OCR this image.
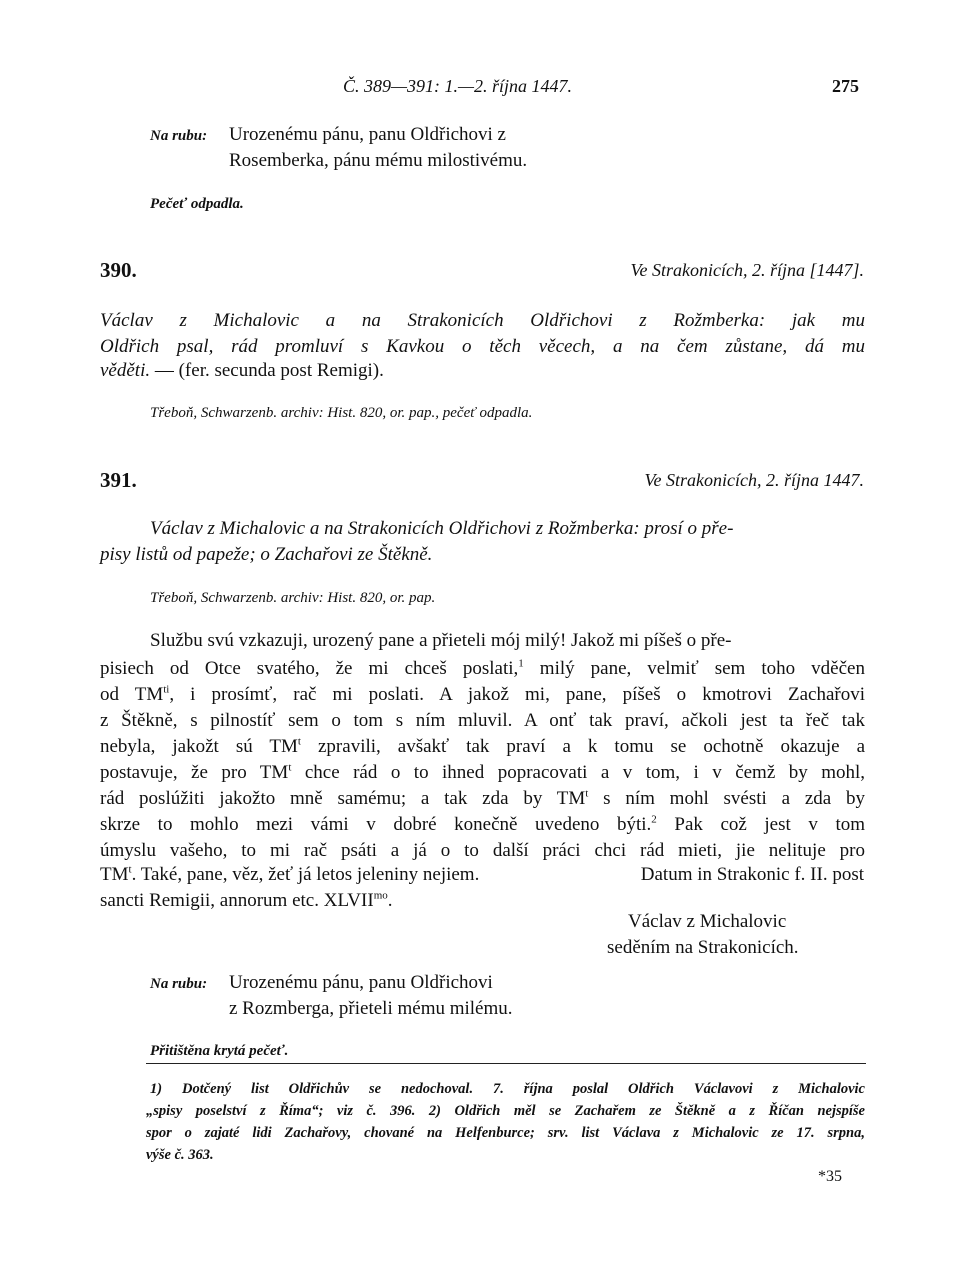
Č. 389—391: 1.—2. října 1447.	275
Na rubu: Urozenému pánu, panu Oldřichovi z
Rosemberka, pánu mému milostivému.
Pečeť odpadla.
390.	Ve Strakonicích, 2. října [1447].
Václav z Michalovic a na Strakonicích Oldřichovi z Rožmberka: jak mu
Oldřich psal, rád promluví s Kavkou o těch věcech, a na čem zůstane, dá mu
věděti. — (fer. secunda post Remigi).
Třeboň, Schwarzenb. archiv: Hist. 820, or. pap., pečeť odpadla.
391.	Ve Strakonicích, 2. října 1447.
Václav z Michalovic a na Strakonicích Oldřichovi z Rožmberka: prosí o pře-
pisy listů od papeže; o Zachařovi ze Štěkně.
Třeboň, Schwarzenb. archiv: Hist. 820, or. pap.
Službu svú vzkazuji, urozený pane a přieteli mój milý! Jakož mi píšeš o pře-
pisiech od Otce svatého, že mi chceš poslati,$^1$ milý pane, velmiť sem toho vděčen
od $TM^{ti}$, i prosímť, rač mi poslati. A jakož mi, pane, píšeš o kmotrovi Zachařovi
z Štěkně, s pilnostíť sem o tom s ním mluvil. A onť tak praví, ačkoli jest ta řeč tak
nebyla, jakožt sú $TM^t$ zpravili, avšakť tak praví a k tomu se ochotně okazuje a
postavuje, že pro $TM^t$ chce rád o to ihned popracovati a v tom, i v čemž by mohl,
rád poslúžiti jakožto mně samému; a tak zda by $TM^t$ s ním mohl svésti a zda by
skrze to mohlo mezi vámi v dobré konečně uvedeno býti.$^2$ Pak což jest v tom
úmyslu vašeho, to mi rač psáti a já o to další práci chci rád mieti, jie nelituje pro
$TM^t$. Také, pane, věz, žeť já letos jeleniny nejiem.	Datum in Strakonic f. II. post
sancti Remigii, annorum etc. $XLVII^{mo}$.
Václav z Michalovic
seděním na Strakonicích.
Na rubu: Urozenému pánu, panu Oldřichovi
z Rozmberga, přieteli mému milému.
Přitištěna krytá pečeť.
1) Dotčený list Oldřichův se nedochoval. 7. října poslal Oldřich Václavovi z Michalovic
„spisy poselství z Říma“; viz č. 396. 2) Oldřich měl se Zachařem ze Štěkně a z Říčan nejspíše
spor o zajaté lidi Zachařovy, chované na Helfenburce; srv. list Václava z Michalovic ze 17. srpna,
výše č. 363.
*35
